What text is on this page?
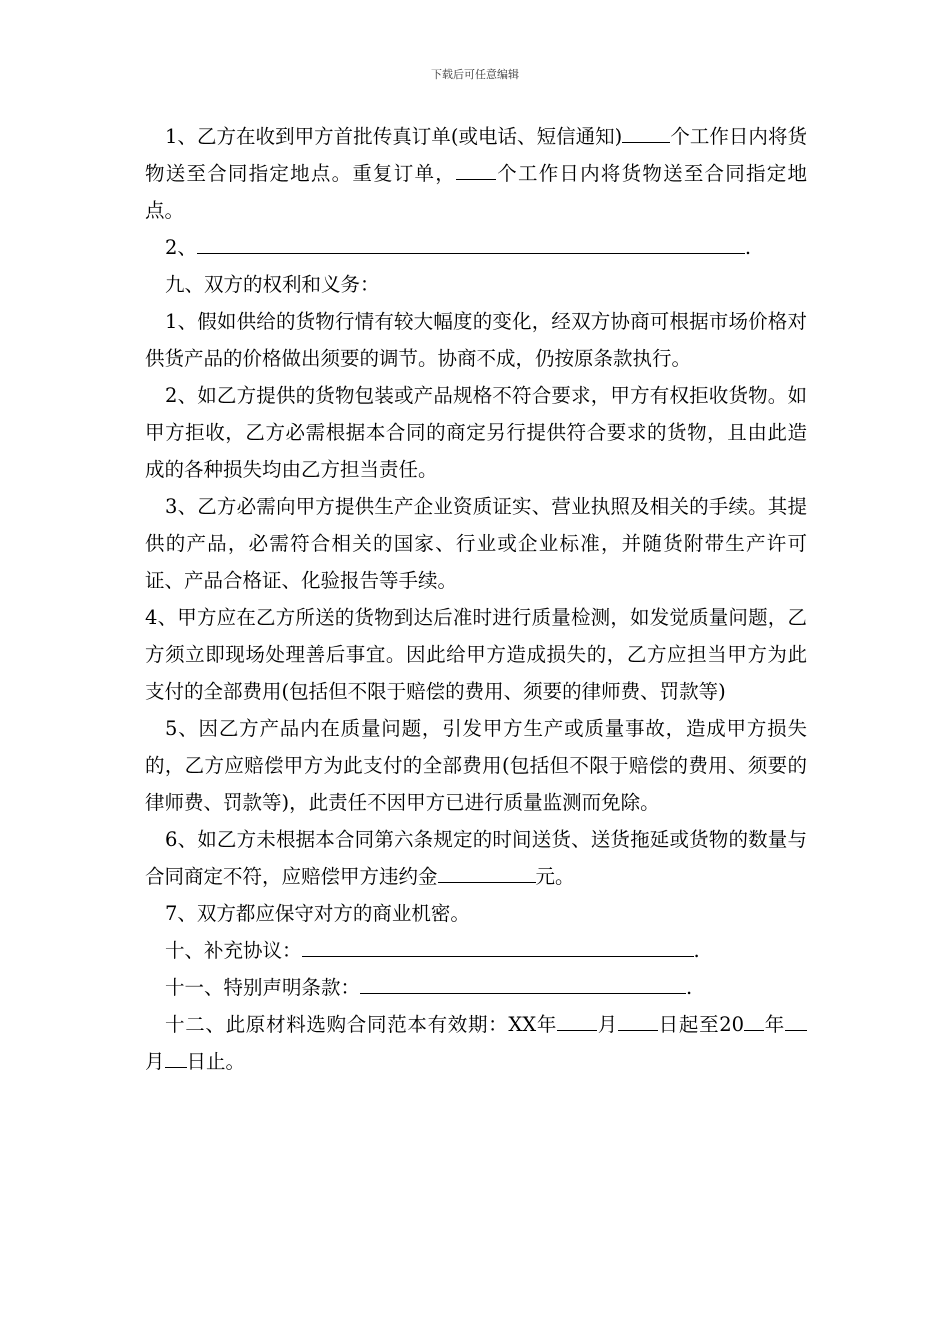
下载后可任意编辑

1、乙方在收到甲方首批传真订单(或电话、短信通知) 个工作日内将货物送至合同指定地点。重复订单， 个工作日内将货物送至合同指定地点。

2、	.

九、双方的权利和义务：

1、假如供给的货物行情有较大幅度的变化，经双方协商可根据市场价格对供货产品的价格做出须要的调节。协商不成，仍按原条款执行。

2、如乙方提供的货物包装或产品规格不符合要求，甲方有权拒收货物。如甲方拒收，乙方必需根据本合同的商定另行提供符合要求的货物，且由此造成的各种损失均由乙方担当责任。

3、乙方必需向甲方提供生产企业资质证实、营业执照及相关的手续。其提供的产品，必需符合相关的国家、行业或企业标准，并随货附带生产许可证、产品合格证、化验报告等手续。

4、甲方应在乙方所送的货物到达后准时进行质量检测，如发觉质量问题，乙方须立即现场处理善后事宜。因此给甲方造成损失的，乙方应担当甲方为此支付的全部费用(包括但不限于赔偿的费用、须要的律师费、罚款等)

5、因乙方产品内在质量问题，引发甲方生产或质量事故，造成甲方损失的，乙方应赔偿甲方为此支付的全部费用(包括但不限于赔偿的费用、须要的律师费、罚款等)，此责任不因甲方已进行质量监测而免除。

6、如乙方未根据本合同第六条规定的时间送货、送货拖延或货物的数量与合同商定不符，应赔偿甲方违约金	元。

7、双方都应保守对方的商业机密。

十、补充协议：	.

十一、特别声明条款：	.

十二、此原材料选购合同范本有效期：XX年 月 日起至20 年月 日止。
